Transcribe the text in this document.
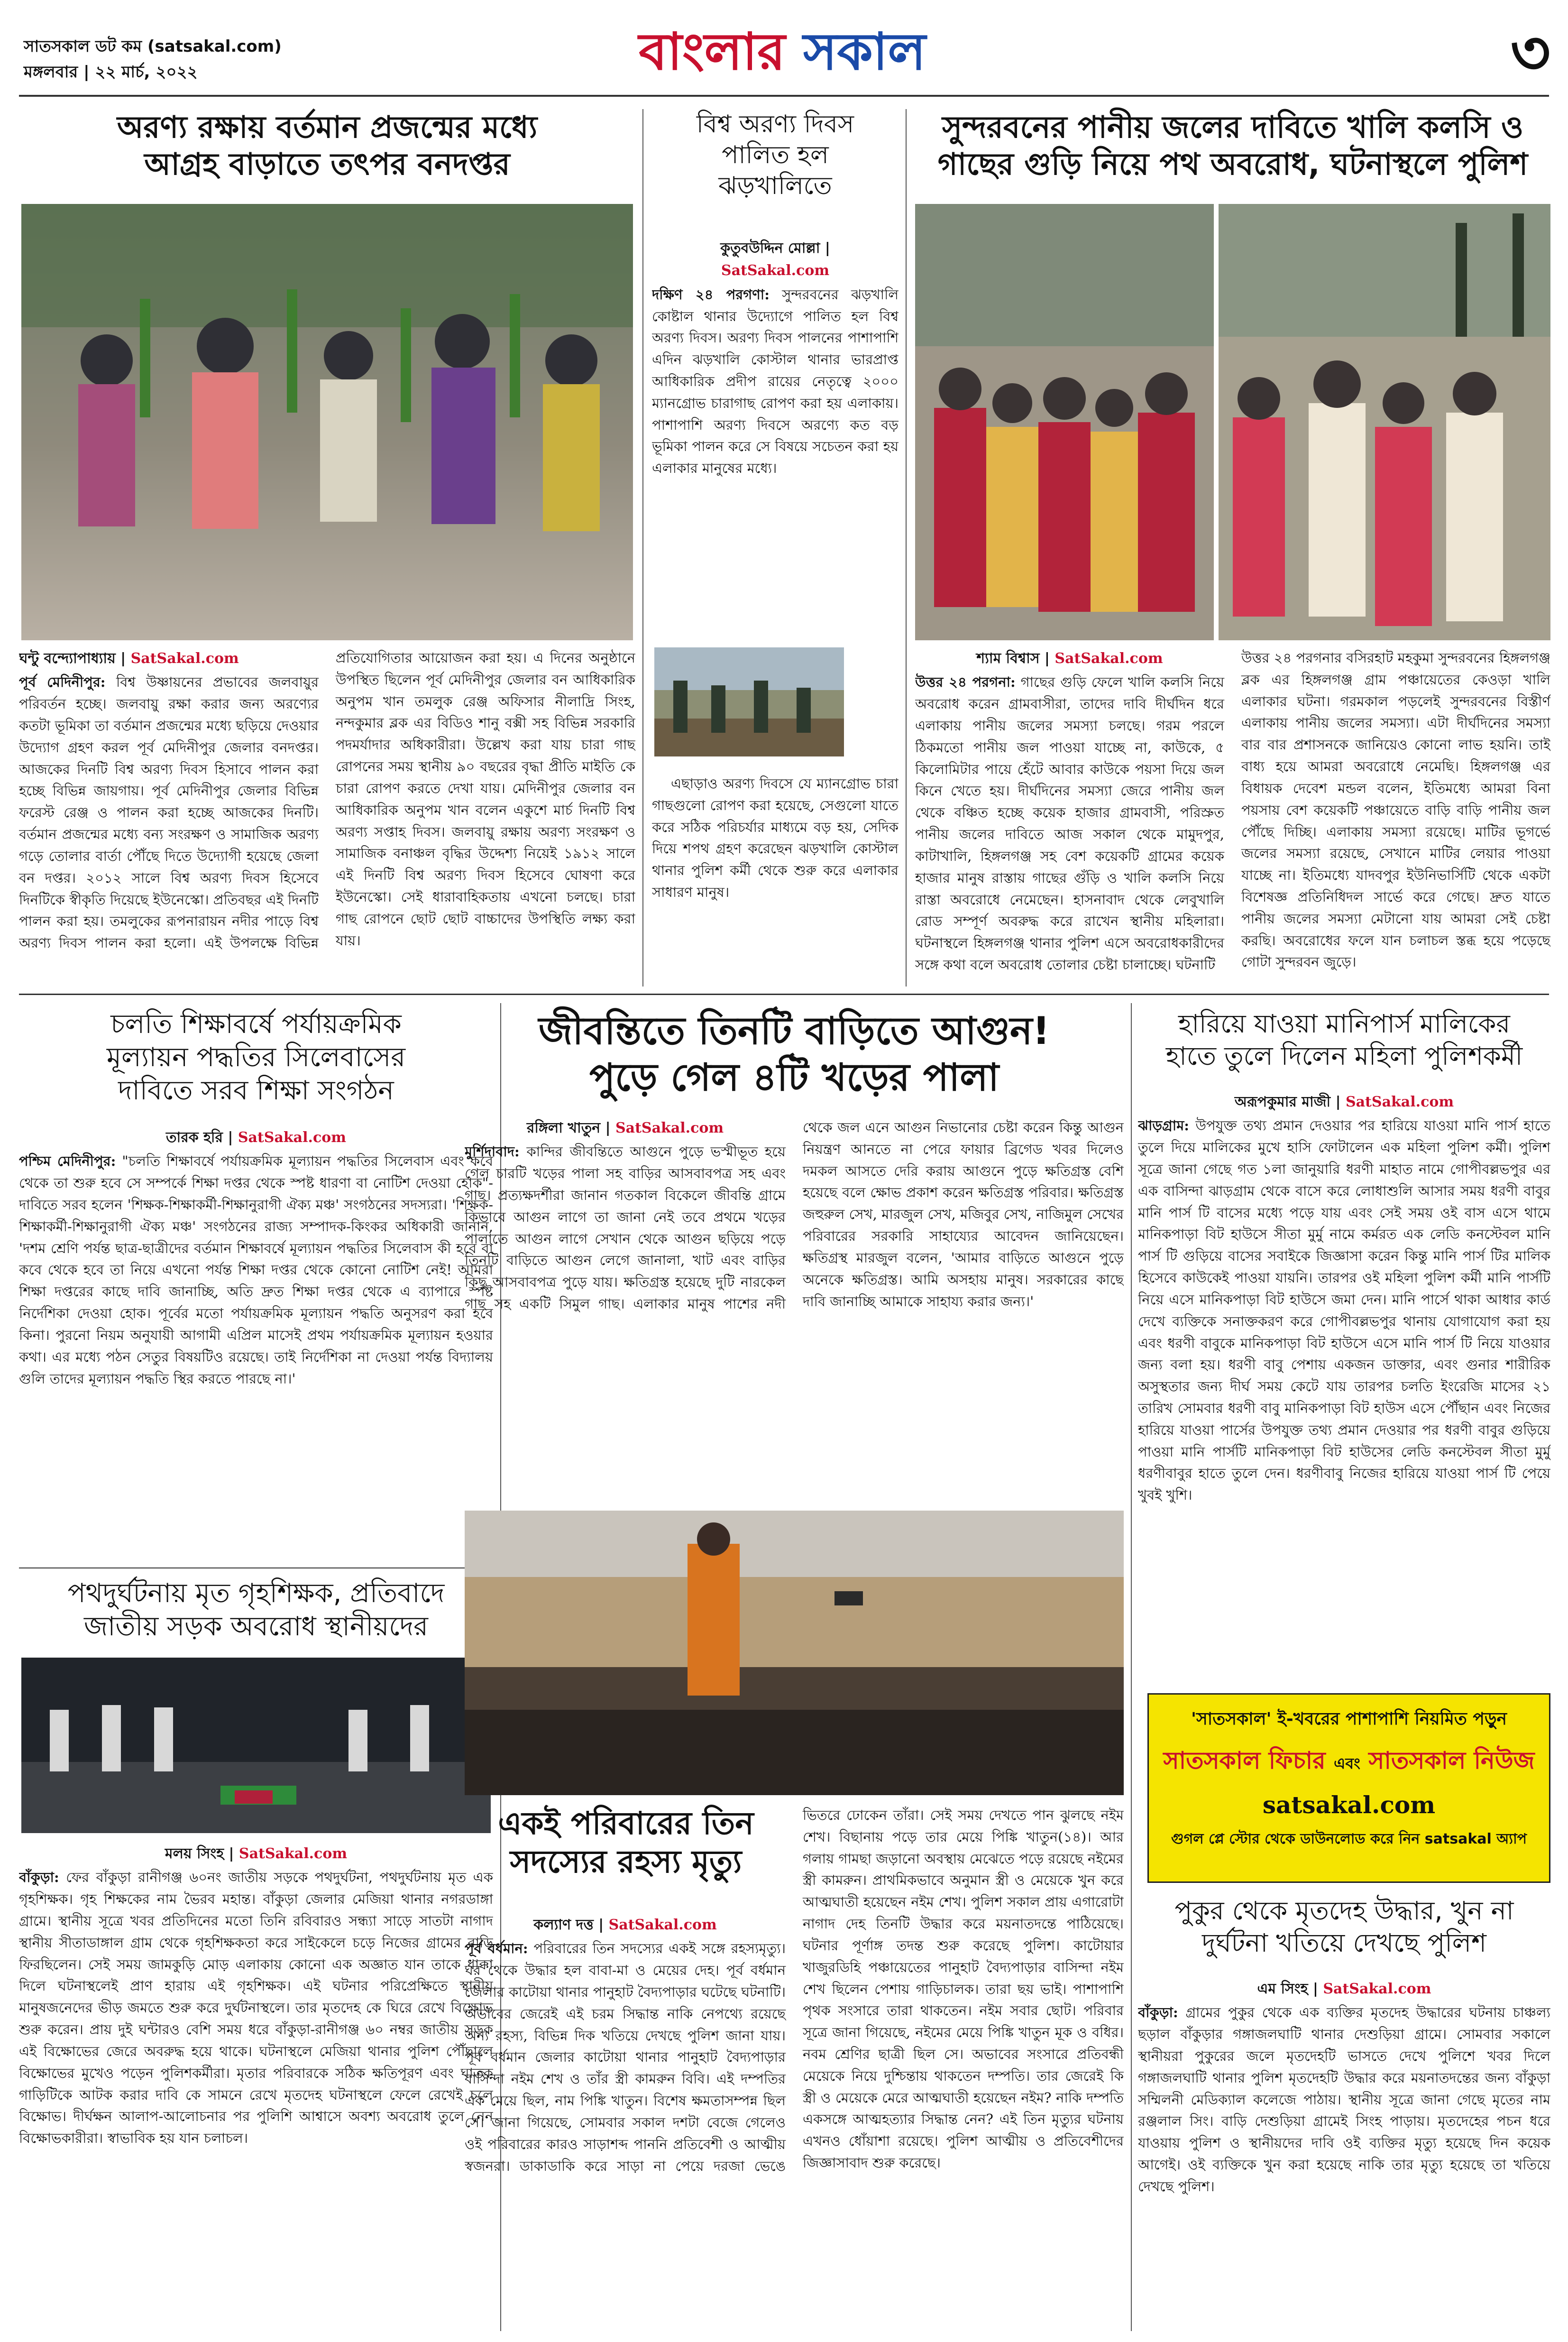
সাতসকাল ডট কম (satsakal.com)
মঙ্গলবার | ২২ মার্চ, ২০২২	বাংলার সকাল	৩
অরণ্য রক্ষায় বর্তমান প্রজন্মের মধ্যে
আগ্রহ বাড়াতে তৎপর বনদপ্তর
ঘন্টু বন্দ্যোপাধ্যায় | SatSakal.com

পূর্ব মেদিনীপুর: বিশ্ব উষ্ণায়নের প্রভাবের জলবায়ুর পরিবর্তন হচ্ছে। জলবায়ু রক্ষা করার জন্য অরণ্যের কতটা ভূমিকা তা বর্তমান প্রজন্মের মধ্যে ছড়িয়ে দেওয়ার উদ্যোগ গ্রহণ করল পূর্ব মেদিনীপুর জেলার বনদপ্তর। আজকের দিনটি বিশ্ব অরণ্য দিবস হিসাবে পালন করা হচ্ছে বিভিন্ন জায়গায়। পূর্ব মেদিনীপুর জেলার বিভিন্ন ফরেস্ট রেঞ্জ ও পালন করা হচ্ছে আজকের দিনটি। বর্তমান প্রজন্মের মধ্যে বন্য সংরক্ষণ ও সামাজিক অরণ্য গড়ে তোলার বার্তা পৌঁছে দিতে উদ্যোগী হয়েছে জেলা বন দপ্তর। ২০১২ সালে বিশ্ব অরণ্য দিবস হিসেবে দিনটিকে স্বীকৃতি দিয়েছে ইউনেস্কো। প্রতিবছর এই দিনটি পালন করা হয়। তমলুকের রূপনারায়ন নদীর পাড়ে বিশ্ব অরণ্য দিবস পালন করা হলো। এই উপলক্ষে বিভিন্ন প্রতিযোগিতার আয়োজন করা হয়। এ দিনের অনুষ্ঠানে উপস্থিত ছিলেন পূর্ব মেদিনীপুর জেলার বন আধিকারিক অনুপম খান তমলুক রেঞ্জ অফিসার নীলাদ্রি সিংহ, নন্দকুমার ব্লক এর বিডিও শানু বক্সী সহ বিভিন্ন সরকারি পদমর্যাদার অধিকারীরা। উল্লেখ করা যায় চারা গাছ রোপনের সময় স্থানীয় ৯০ বছরের বৃদ্ধা প্রীতি মাইতি কে চারা রোপণ করতে দেখা যায়। মেদিনীপুর জেলার বন আধিকারিক অনুপম খান বলেন একুশে মার্চ দিনটি বিশ্ব অরণ্য সপ্তাহ দিবস। জলবায়ু রক্ষায় অরণ্য সংরক্ষণ ও সামাজিক বনাঞ্চল বৃদ্ধির উদ্দেশ্য নিয়েই ১৯১২ সালে এই দিনটি বিশ্ব অরণ্য দিবস হিসেবে ঘোষণা করে ইউনেস্কো। সেই ধারাবাহিকতায় এখনো চলছে। চারা গাছ রোপনে ছোট ছোট বাচ্চাদের উপস্থিতি লক্ষ্য করা যায়।

বিশ্ব অরণ্য দিবস
পালিত হল
ঝড়খালিতে
কুতুবউদ্দিন মোল্লা |
SatSakal.com

দক্ষিণ ২৪ পরগণা: সুন্দরবনের ঝড়খালি কোষ্টাল থানার উদ্যোগে পালিত হল বিশ্ব অরণ্য দিবস। অরণ্য দিবস পালনের পাশাপাশি এদিন ঝড়খালি কোস্টাল থানার ভারপ্রাপ্ত আধিকারিক প্রদীপ রায়ের নেতৃত্বে ২০০০ ম্যানগ্রোভ চারাগাছ রোপণ করা হয় এলাকায়। পাশাপাশি অরণ্য দিবসে অরণ্যে কত বড় ভূমিকা পালন করে সে বিষয়ে সচেতন করা হয় এলাকার মানুষের মধ্যে।

এছাড়াও অরণ্য দিবসে যে ম্যানগ্রোভ চারা গাছগুলো রোপণ করা হয়েছে, সেগুলো যাতে করে সঠিক পরিচর্যার মাধ্যমে বড় হয়, সেদিক দিয়ে শপথ গ্রহণ করেছেন ঝড়খালি কোস্টাল থানার পুলিশ কর্মী থেকে শুরু করে এলাকার সাধারণ মানুষ।

সুন্দরবনের পানীয় জলের দাবিতে খালি কলসি ও
গাছের গুড়ি নিয়ে পথ অবরোধ, ঘটনাস্থলে পুলিশ
শ্যাম বিশ্বাস | SatSakal.com

উত্তর ২৪ পরগনা: গাছের গুড়ি ফেলে খালি কলসি নিয়ে অবরোধ করেন গ্রামবাসীরা, তাদের দাবি দীর্ঘদিন ধরে এলাকায় পানীয় জলের সমস্যা চলছে। গরম পরলে ঠিকমতো পানীয় জল পাওয়া যাচ্ছে না, কাউকে, ৫ কিলোমিটার পায়ে হেঁটে আবার কাউকে পয়সা দিয়ে জল কিনে খেতে হয়। দীর্ঘদিনের সমস্যা জেরে পানীয় জল থেকে বঞ্চিত হচ্ছে কয়েক হাজার গ্রামবাসী, পরিস্রুত পানীয় জলের দাবিতে আজ সকাল থেকে মামুদপুর, কাটাখালি, হিঙ্গলগঞ্জ সহ বেশ কয়েকটি গ্রামের কয়েক হাজার মানুষ রাস্তায় গাছের গুঁড়ি ও খালি কলসি নিয়ে রাস্তা অবরোধে নেমেছেন। হাসনাবাদ থেকে লেবুখালি রোড সম্পূর্ণ অবরুদ্ধ করে রাখেন স্থানীয় মহিলারা। ঘটনাস্থলে হিঙ্গলগঞ্জ থানার পুলিশ এসে অবরোধকারীদের সঙ্গে কথা বলে অবরোধ তোলার চেষ্টা চালাচ্ছে। ঘটনাটি

উত্তর ২৪ পরগনার বসিরহাট মহকুমা সুন্দরবনের হিঙ্গলগঞ্জ ব্লক এর হিঙ্গলগঞ্জ গ্রাম পঞ্চায়েতের কেওড়া খালি এলাকার ঘটনা। গরমকাল পড়লেই সুন্দরবনের বিস্তীর্ণ এলাকায় পানীয় জলের সমস্যা। এটা দীর্ঘদিনের সমস্যা বার বার প্রশাসনকে জানিয়েও কোনো লাভ হয়নি। তাই বাধ্য হয়ে আমরা অবরোধে নেমেছি। হিঙ্গলগঞ্জ এর বিধায়ক দেবেশ মন্ডল বলেন, ইতিমধ্যে আমরা বিনা পয়সায় বেশ কয়েকটি পঞ্চায়েতে বাড়ি বাড়ি পানীয় জল পৌঁছে দিচ্ছি। এলাকায় সমস্যা রয়েছে। মাটির ভূগর্ভে জলের সমস্যা রয়েছে, সেখানে মাটির লেয়ার পাওয়া যাচ্ছে না। ইতিমধ্যে যাদবপুর ইউনিভার্সিটি থেকে একটা বিশেষজ্ঞ প্রতিনিধিদল সার্ভে করে গেছে। দ্রুত যাতে পানীয় জলের সমস্যা মেটানো যায় আমরা সেই চেষ্টা করছি। অবরোধের ফলে যান চলাচল স্তব্ধ হয়ে পড়েছে গোটা সুন্দরবন জুড়ে।

চলতি শিক্ষাবর্ষে পর্যায়ক্রমিক
মূল্যায়ন পদ্ধতির সিলেবাসের
দাবিতে সরব শিক্ষা সংগঠন
তারক হরি | SatSakal.com

পশ্চিম মেদিনীপুর: "চলতি শিক্ষাবর্ষে পর্যায়ক্রমিক মূল্যায়ন পদ্ধতির সিলেবাস এবং কবে থেকে তা শুরু হবে সে সম্পর্কে শিক্ষা দপ্তর থেকে স্পষ্ট ধারণা বা নোটিশ দেওয়া হোক"- দাবিতে সরব হলেন 'শিক্ষক-শিক্ষাকর্মী-শিক্ষানুরাগী ঐক্য মঞ্চ' সংগঠনের সদস্যরা। 'শিক্ষক-শিক্ষাকর্মী-শিক্ষানুরাগী ঐক্য মঞ্চ' সংগঠনের রাজ্য সম্পাদক-কিংকর অধিকারী জানান, 'দশম শ্রেণি পর্যন্ত ছাত্র-ছাত্রীদের বর্তমান শিক্ষাবর্ষে মূল্যায়ন পদ্ধতির সিলেবাস কী হবে বা কবে থেকে হবে তা নিয়ে এখনো পর্যন্ত শিক্ষা দপ্তর থেকে কোনো নোটিশ নেই! আমরা শিক্ষা দপ্তরের কাছে দাবি জানাচ্ছি, অতি দ্রুত শিক্ষা দপ্তর থেকে এ ব্যাপারে স্পষ্ট নির্দেশিকা দেওয়া হোক। পূর্বের মতো পর্যায়ক্রমিক মূল্যায়ন পদ্ধতি অনুসরণ করা হবে কিনা। পুরনো নিয়ম অনুযায়ী আগামী এপ্রিল মাসেই প্রথম পর্যায়ক্রমিক মূল্যায়ন হওয়ার কথা। এর মধ্যে পঠন সেতুর বিষয়টিও রয়েছে। তাই নির্দেশিকা না দেওয়া পর্যন্ত বিদ্যালয় গুলি তাদের মূল্যায়ন পদ্ধতি স্থির করতে পারছে না।'

পথদুর্ঘটনায় মৃত গৃহশিক্ষক, প্রতিবাদে
জাতীয় সড়ক অবরোধ স্থানীয়দের
মলয় সিংহ | SatSakal.com

বাঁকুড়া: ফের বাঁকুড়া রানীগঞ্জ ৬০নং জাতীয় সড়কে পথদুর্ঘটনা, পথদুর্ঘটনায় মৃত এক গৃহশিক্ষক। গৃহ শিক্ষকের নাম ভৈরব মহান্ত। বাঁকুড়া জেলার মেজিয়া থানার নগরডাঙ্গা গ্রামে। স্থানীয় সূত্রে খবর প্রতিদিনের মতো তিনি রবিবারও সন্ধ্যা সাড়ে সাতটা নাগাদ স্থানীয় সীতাডাঙ্গাল গ্রাম থেকে গৃহশিক্ষকতা করে সাইকেলে চড়ে নিজের গ্রামের বাড়ি ফিরছিলেন। সেই সময় জামকুড়ি মোড় এলাকায় কোনো এক অজ্ঞাত যান তাকে ধাক্কা দিলে ঘটনাস্থলেই প্রাণ হারায় এই গৃহশিক্ষক। এই ঘটনার পরিপ্রেক্ষিতে স্থানীয় মানুষজনেদের ভীড় জমতে শুরু করে দুর্ঘটনাস্থলে। তার মৃতদেহ কে ঘিরে রেখে বিক্ষোভ শুরু করেন। প্রায় দুই ঘন্টারও বেশি সময় ধরে বাঁকুড়া-রানীগঞ্জ ৬০ নম্বর জাতীয় সড়ক এই বিক্ষোভের জেরে অবরুদ্ধ হয়ে থাকে। ঘটনাস্থলে মেজিয়া থানার পুলিশ পৌঁছালে বিক্ষোভের মুখেও পড়েন পুলিশকর্মীরা। মৃতার পরিবারকে সঠিক ক্ষতিপূরণ এবং ঘাতক গাড়িটিকে আটক করার দাবি কে সামনে রেখে মৃতদেহ ঘটনাস্থলে ফেলে রেখেই চলে বিক্ষোভ। দীর্ঘক্ষন আলাপ-আলোচনার পর পুলিশি আশ্বাসে অবশ্য অবরোধ তুলে নেন বিক্ষোভকারীরা। স্বাভাবিক হয় যান চলাচল।

জীবন্তিতে তিনটি বাড়িতে আগুন!
পুড়ে গেল ৪টি খড়ের পালা
রঙ্গিলা খাতুন | SatSakal.com

মুর্শিদাবাদ: কান্দির জীবন্তিতে আগুনে পুড়ে ভস্মীভূত হয়ে গেল চারটি খড়ের পালা সহ বাড়ির আসবাবপত্র সহ এবং গাছ। প্রত্যক্ষদর্শীরা জানান গতকাল বিকেলে জীবন্তি গ্রামে কিভাবে আগুন লাগে তা জানা নেই তবে প্রথমে খড়ের পালাতে আগুন লাগে সেখান থেকে আগুন ছড়িয়ে পড়ে তিনটি বাড়িতে আগুন লেগে জানালা, খাট এবং বাড়ির কিছু আসবাবপত্র পুড়ে যায়। ক্ষতিগ্রস্ত হয়েছে দুটি নারকেল গাছ সহ একটি সিমুল গাছ। এলাকার মানুষ পাশের নদী থেকে জল এনে আগুন নিভানোর চেষ্টা করেন কিন্তু আগুন নিয়ন্ত্রণ আনতে না পেরে ফায়ার ব্রিগেড খবর দিলেও দমকল আসতে দেরি করায় আগুনে পুড়ে ক্ষতিগ্রস্ত বেশি হয়েছে বলে ক্ষোভ প্রকাশ করেন ক্ষতিগ্রস্ত পরিবার। ক্ষতিগ্রস্ত জহুরুল সেখ, মারজুল সেখ, মজিবুর সেখ, নাজিমুল সেখের পরিবারের সরকারি সাহায্যের আবেদন জানিয়েছেন। ক্ষতিগ্রস্থ মারজুল বলেন, 'আমার বাড়িতে আগুনে পুড়ে অনেকে ক্ষতিগ্রস্ত। আমি অসহায় মানুষ। সরকারের কাছে দাবি জানাচ্ছি আমাকে সাহায্য করার জন্য।'

একই পরিবারের তিন
সদস্যের রহস্য মৃত্যু
কল্যাণ দত্ত | SatSakal.com

পূর্ব বর্ধমান: পরিবারের তিন সদস্যের একই সঙ্গে রহস্যমৃত্যু। ঘর থেকে উদ্ধার হল বাবা-মা ও মেয়ের দেহ। পূর্ব বর্ধমান জেলার কাটোয়া থানার পানুহাট বৈদ্যপাড়ার ঘটেছে ঘটনাটি। অভাবের জেরেই এই চরম সিদ্ধান্ত নাকি নেপথ্যে রয়েছে অন্য রহস্য, বিভিন্ন দিক খতিয়ে দেখছে পুলিশ জানা যায়। পূর্ব বর্ধমান জেলার কাটোয়া থানার পানুহাট বৈদ্যপাড়ার বাসিন্দা নইম শেখ ও তাঁর স্ত্রী কামরুন বিবি। এই দম্পতির এক মেয়ে ছিল, নাম পিঙ্কি খাতুন। বিশেষ ক্ষমতাসম্পন্ন ছিল সে। জানা গিয়েছে, সোমবার সকাল দশটা বেজে গেলেও ওই পরিবারের কারও সাড়াশব্দ পাননি প্রতিবেশী ও আত্মীয় স্বজনরা। ডাকাডাকি করে সাড়া না পেয়ে দরজা ভেঙে ভিতরে ঢোকেন তাঁরা। সেই সময় দেখতে পান ঝুলছে নইম শেখ। বিছানায় পড়ে তার মেয়ে পিঙ্কি খাতুন(১৪)। আর গলায় গামছা জড়ানো অবস্থায় মেঝেতে পড়ে রয়েছে নইমের স্ত্রী কামরুন। প্রাথমিকভাবে অনুমান স্ত্রী ও মেয়েকে খুন করে আত্মঘাতী হয়েছেন নইম শেখ। পুলিশ সকাল প্রায় এগারোটা নাগাদ দেহ তিনটি উদ্ধার করে ময়নাতদন্তে পাঠিয়েছে। ঘটনার পূর্ণাঙ্গ তদন্ত শুরু করেছে পুলিশ। কাটোয়ার খাজুরডিহি পঞ্চায়েতের পানুহাট বৈদ্যপাড়ার বাসিন্দা নইম শেখ ছিলেন পেশায় গাড়িচালক। তারা ছয় ভাই। পাশাপাশি পৃথক সংসারে তারা থাকতেন। নইম সবার ছোট। পরিবার সূত্রে জানা গিয়েছে, নইমের মেয়ে পিঙ্কি খাতুন মূক ও বধির। নবম শ্রেণির ছাত্রী ছিল সে। অভাবের সংসারে প্রতিবন্ধী মেয়েকে নিয়ে দুশ্চিন্তায় থাকতেন দম্পতি। তার জেরেই কি স্ত্রী ও মেয়েকে মেরে আত্মঘাতী হয়েছেন নইম? নাকি দম্পতি একসঙ্গে আত্মহত্যার সিদ্ধান্ত নেন? এই তিন মৃত্যুর ঘটনায় এখনও ধোঁয়াশা রয়েছে। পুলিশ আত্মীয় ও প্রতিবেশীদের জিজ্ঞাসাবাদ শুরু করেছে।

হারিয়ে যাওয়া মানিপার্স মালিকের
হাতে তুলে দিলেন মহিলা পুলিশকর্মী
অরূপকুমার মাজী | SatSakal.com

ঝাড়গ্রাম: উপযুক্ত তথ্য প্রমান দেওয়ার পর হারিয়ে যাওয়া মানি পার্স হাতে তুলে দিয়ে মালিকের মুখে হাসি ফোটালেন এক মহিলা পুলিশ কর্মী। পুলিশ সূত্রে জানা গেছে গত ১লা জানুয়ারি ধরণী মাহাত নামে গোপীবল্লভপুর এর এক বাসিন্দা ঝাড়গ্রাম থেকে বাসে করে লোধাশুলি আসার সময় ধরণী বাবুর মানি পার্স টি বাসের মধ্যে পড়ে যায় এবং সেই সময় ওই বাস এসে থামে মানিকপাড়া বিট হাউসে সীতা মুর্মু নামে কর্মরত এক লেডি কনস্টেবল মানি পার্স টি গুড়িয়ে বাসের সবাইকে জিজ্ঞাসা করেন কিন্তু মানি পার্স টির মালিক হিসেবে কাউকেই পাওয়া যায়নি। তারপর ওই মহিলা পুলিশ কর্মী মানি পার্সটি নিয়ে এসে মানিকপাড়া বিট হাউসে জমা দেন। মানি পার্সে থাকা আধার কার্ড দেখে ব্যক্তিকে সনাক্তকরণ করে গোপীবল্লভপুর থানায় যোগাযোগ করা হয় এবং ধরণী বাবুকে মানিকপাড়া বিট হাউসে এসে মানি পার্স টি নিয়ে যাওয়ার জন্য বলা হয়। ধরণী বাবু পেশায় একজন ডাক্তার, এবং গুনার শারীরিক অসুস্থতার জন্য দীর্ঘ সময় কেটে যায় তারপর চলতি ইংরেজি মাসের ২১ তারিখ সোমবার ধরণী বাবু মানিকপাড়া বিট হাউস এসে পৌঁছান এবং নিজের হারিয়ে যাওয়া পার্সের উপযুক্ত তথ্য প্রমান দেওয়ার পর ধরণী বাবুর গুড়িয়ে পাওয়া মানি পার্সটি মানিকপাড়া বিট হাউসের লেডি কনস্টেবল সীতা মুর্মু ধরণীবাবুর হাতে তুলে দেন। ধরণীবাবু নিজের হারিয়ে যাওয়া পার্স টি পেয়ে খুবই খুশি।

'সাতসকাল' ই-খবরের পাশাপাশি নিয়মিত পড়ুন
সাতসকাল ফিচার এবং সাতসকাল নিউজ
satsakal.com
গুগল প্লে স্টোর থেকে ডাউনলোড করে নিন satsakal অ্যাপ
পুকুর থেকে মৃতদেহ উদ্ধার, খুন না
দুর্ঘটনা খতিয়ে দেখছে পুলিশ
এম সিংহ | SatSakal.com

বাঁকুড়া: গ্রামের পুকুর থেকে এক ব্যক্তির মৃতদেহ উদ্ধারের ঘটনায় চাঞ্চল্য ছড়াল বাঁকুড়ার গঙ্গাজলঘাটি থানার দেশুড়িয়া গ্রামে। সোমবার সকালে স্থানীয়রা পুকুরের জলে মৃতদেহটি ভাসতে দেখে পুলিশে খবর দিলে গঙ্গাজলঘাটি থানার পুলিশ মৃতদেহটি উদ্ধার করে ময়নাতদন্তের জন্য বাঁকুড়া সম্মিলনী মেডিক্যাল কলেজে পাঠায়। স্থানীয় সূত্রে জানা গেছে মৃতের নাম রঞ্জলাল সিং। বাড়ি দেশুড়িয়া গ্রামেই সিংহ পাড়ায়। মৃতদেহের পচন ধরে যাওয়ায় পুলিশ ও স্থানীয়দের দাবি ওই ব্যক্তির মৃত্যু হয়েছে দিন কয়েক আগেই। ওই ব্যক্তিকে খুন করা হয়েছে নাকি তার মৃত্যু হয়েছে তা খতিয়ে দেখছে পুলিশ।
